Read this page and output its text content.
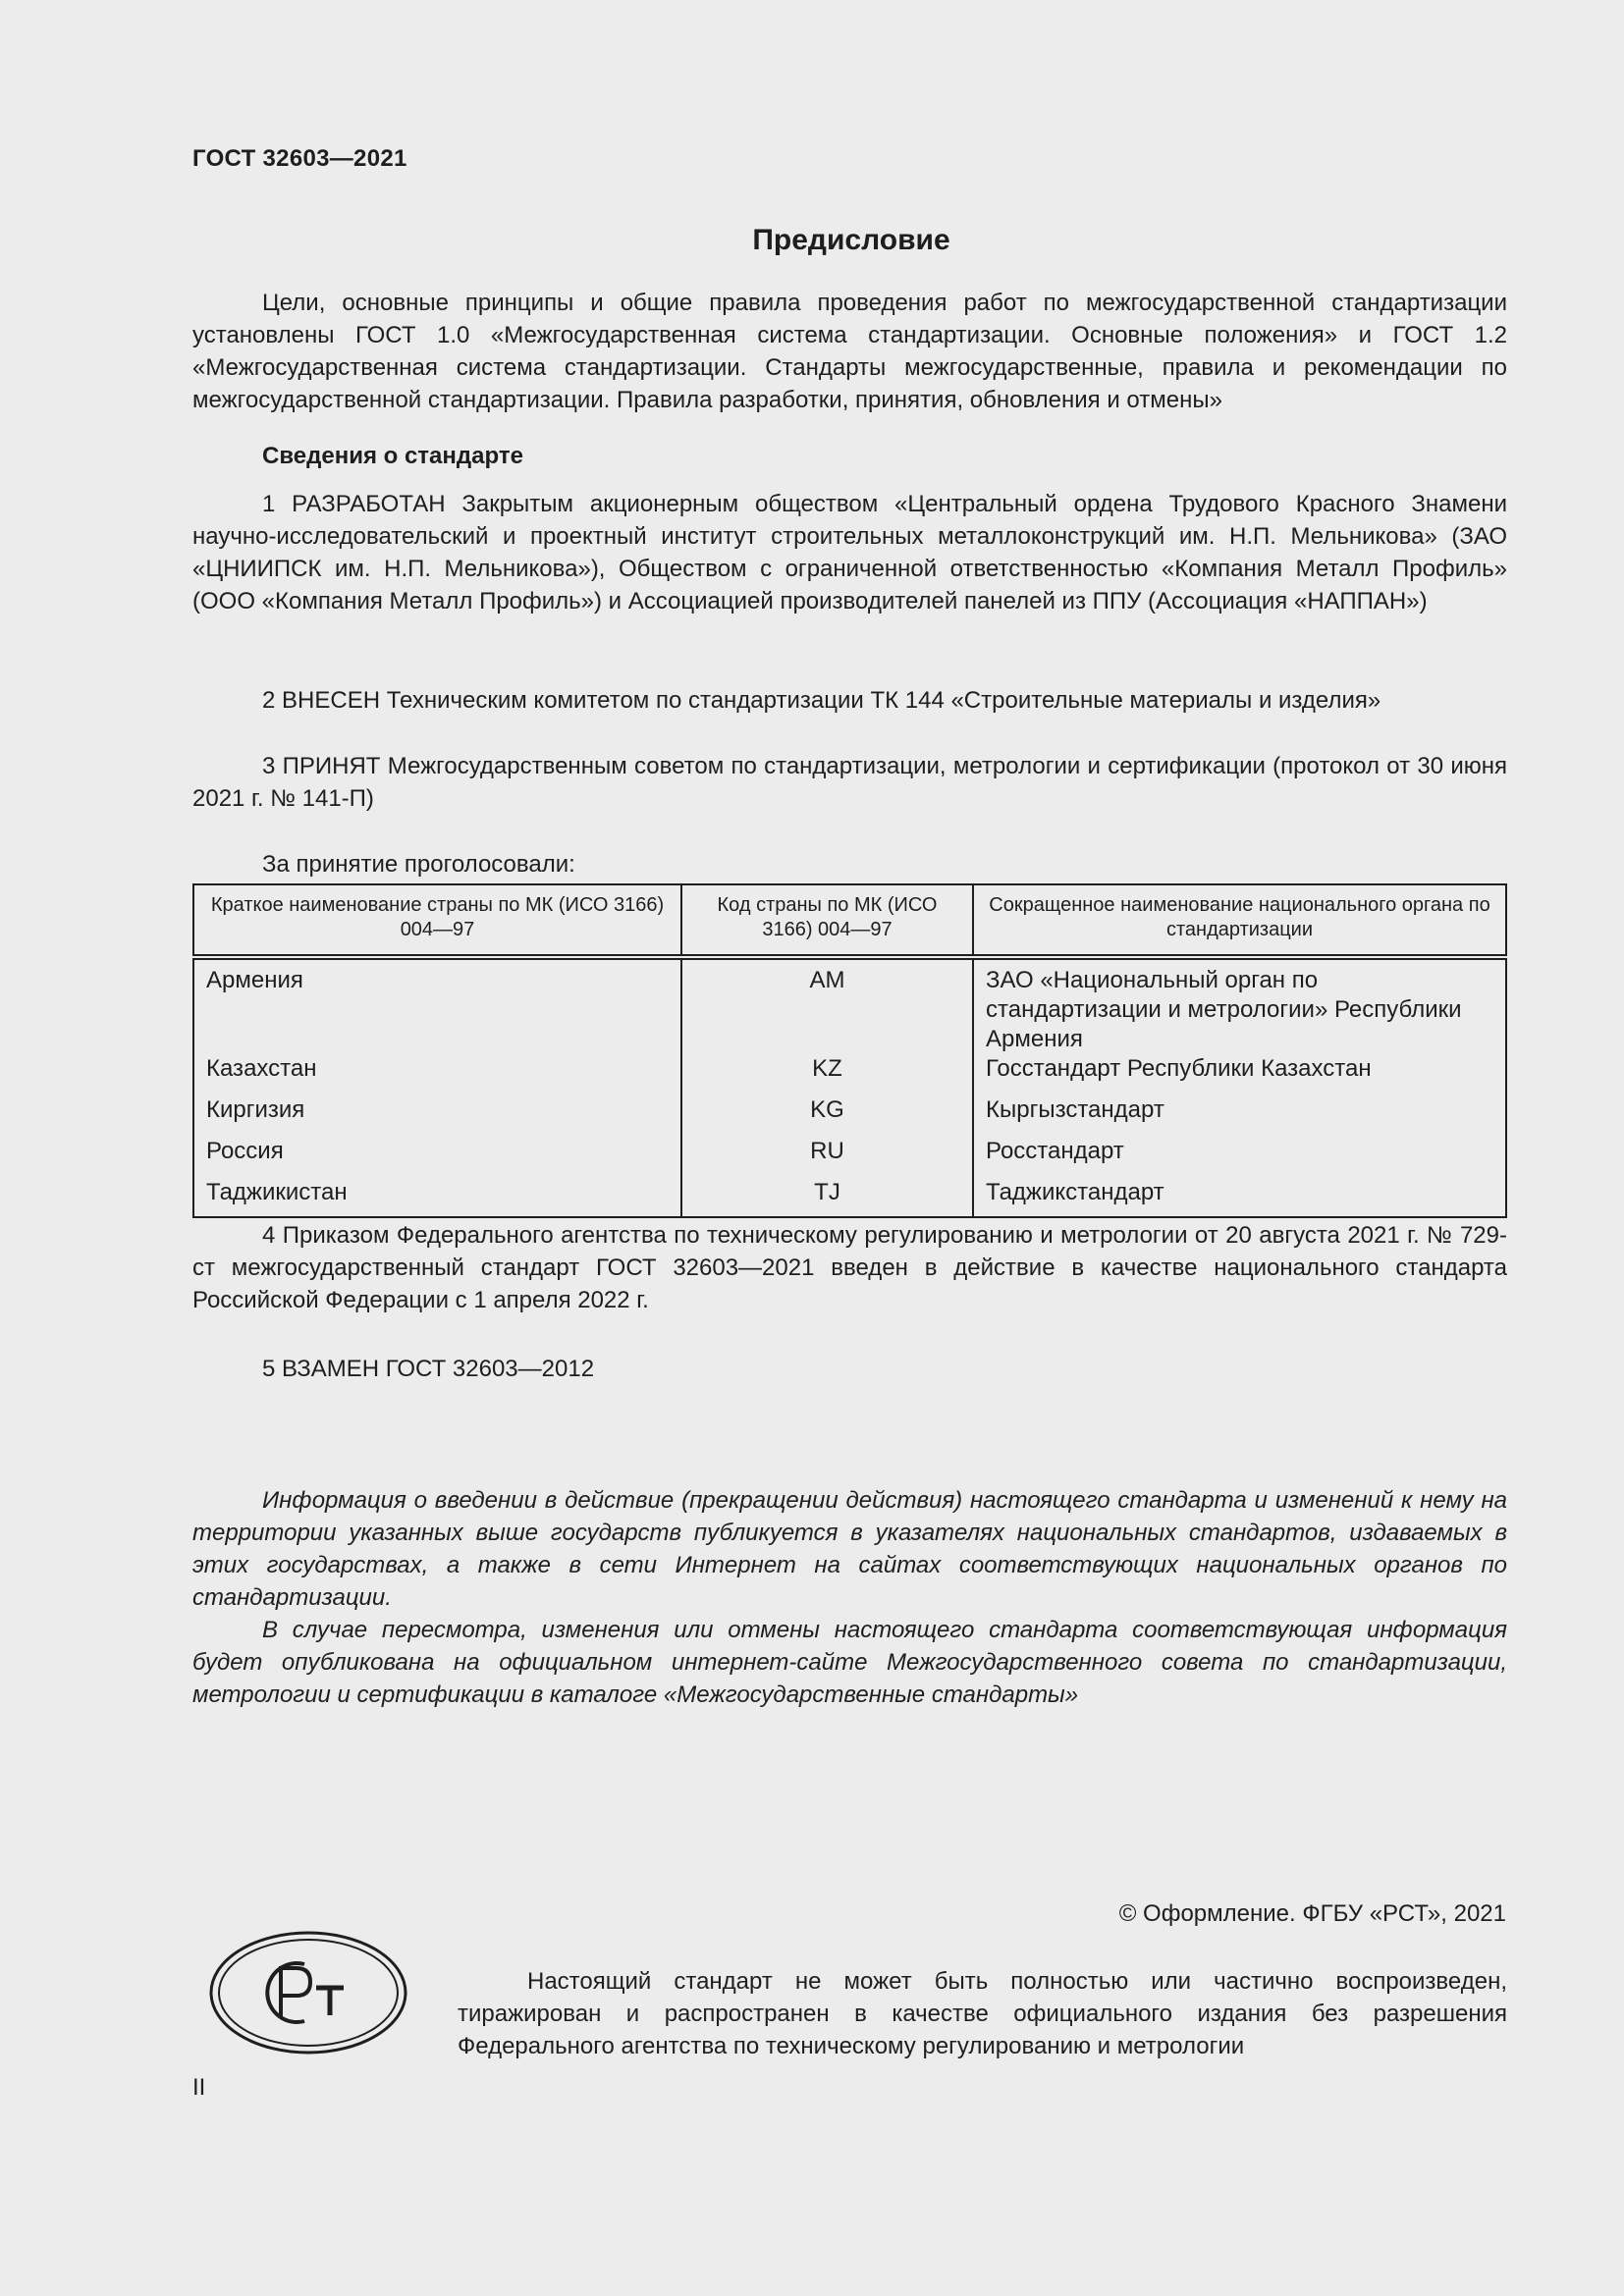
ГОСТ 32603—2021
Предисловие
Цели, основные принципы и общие правила проведения работ по межгосударственной стандартизации установлены ГОСТ 1.0 «Межгосударственная система стандартизации. Основные положения» и ГОСТ 1.2 «Межгосударственная система стандартизации. Стандарты межгосударственные, правила и рекомендации по межгосударственной стандартизации. Правила разработки, принятия, обновления и отмены»
Сведения о стандарте
1 РАЗРАБОТАН Закрытым акционерным обществом «Центральный ордена Трудового Красного Знамени научно-исследовательский и проектный институт строительных металлоконструкций им. Н.П. Мельникова» (ЗАО «ЦНИИПСК им. Н.П. Мельникова»), Обществом с ограниченной ответственностью «Компания Металл Профиль» (ООО «Компания Металл Профиль») и Ассоциацией производителей панелей из ППУ (Ассоциация «НАППАН»)
2 ВНЕСЕН Техническим комитетом по стандартизации ТК 144 «Строительные материалы и изделия»
3 ПРИНЯТ Межгосударственным советом по стандартизации, метрологии и сертификации (протокол от 30 июня 2021 г. № 141-П)
За принятие проголосовали:
Краткое наименование страны по МК (ИСО 3166) 004—97	Код страны по МК (ИСО 3166) 004—97	Сокращенное наименование национального органа по стандартизации
Армения	AM	ЗАО «Национальный орган по стандартизации и метрологии» Республики Армения
Казахстан	KZ	Госстандарт Республики Казахстан
Киргизия	KG	Кыргызстандарт
Россия	RU	Росстандарт
Таджикистан	TJ	Таджикстандарт
4 Приказом Федерального агентства по техническому регулированию и метрологии от 20 августа 2021 г. № 729-ст межгосударственный стандарт ГОСТ 32603—2021 введен в действие в качестве национального стандарта Российской Федерации с 1 апреля 2022 г.
5 ВЗАМЕН ГОСТ 32603—2012

Информация о введении в действие (прекращении действия) настоящего стандарта и изменений к нему на территории указанных выше государств публикуется в указателях национальных стандартов, издаваемых в этих государствах, а также в сети Интернет на сайтах соответствующих национальных органов по стандартизации.

В случае пересмотра, изменения или отмены настоящего стандарта соответствующая информация будет опубликована на официальном интернет-сайте Межгосударственного совета по стандартизации, метрологии и сертификации в каталоге «Межгосударственные стандарты»

© Оформление. ФГБУ «РСТ», 2021
Настоящий стандарт не может быть полностью или частично воспроизведен, тиражирован и распространен в качестве официального издания без разрешения Федерального агентства по техническому регулированию и метрологии
II
